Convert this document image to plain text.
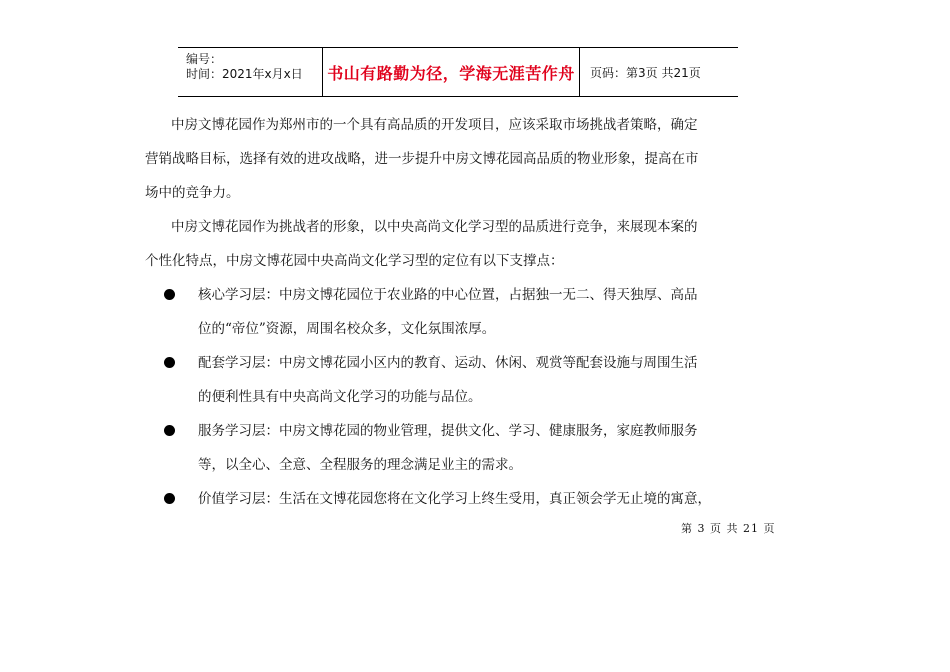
编号：
时间：2021年x月x日	书山有路勤为径，学海无涯苦作舟 页码：第3页 共21页

中房文博花园作为郑州市的一个具有高品质的开发项目，应该采取市场挑战者策略，确定
营销战略目标，选择有效的进攻战略，进一步提升中房文博花园高品质的物业形象，提高在市
场中的竞争力。

中房文博花园作为挑战者的形象，以中央高尚文化学习型的品质进行竞争，来展现本案的
个性化特点，中房文博花园中央高尚文化学习型的定位有以下支撑点：

核心学习层：中房文博花园位于农业路的中心位置，占据独一无二、得天独厚、高品
位的“帝位”资源，周围名校众多，文化氛围浓厚。
配套学习层：中房文博花园小区内的教育、运动、休闲、观赏等配套设施与周围生活
的便利性具有中央高尚文化学习的功能与品位。
服务学习层：中房文博花园的物业管理，提供文化、学习、健康服务，家庭教师服务
等，以全心、全意、全程服务的理念满足业主的需求。
价值学习层：生活在文博花园您将在文化学习上终生受用，真正领会学无止境的寓意，
第 3 页 共 21 页
